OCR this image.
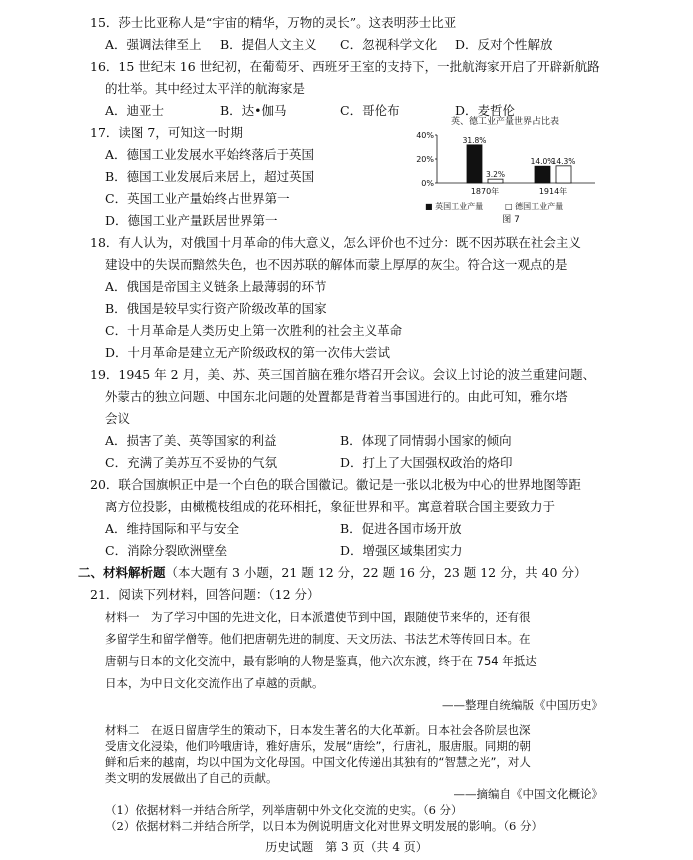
15．莎士比亚称人是“宇宙的精华，万物的灵长”。这表明莎士比亚
A．强调法律至上 B．提倡人文主义 C．忽视科学文化 D．反对个性解放
16．15 世纪末 16 世纪初，在葡萄牙、西班牙王室的支持下，一批航海家开启了开辟新航路
的壮举。其中经过太平洋的航海家是
A．迪亚士	B．达•伽马	C．哥伦布	D．麦哲伦
17．读图 7，可知这一时期
A．德国工业发展水平始终落后于英国
B．德国工业发展后来居上，超过英国
C．英国工业产量始终占世界第一
D．德国工业产量跃居世界第一
英、德工业产量世界占比表
40%
20%
0%
1870年	1914年
31.8%
3.2%
14.0%
14.3%
■ 英国工业产量	□ 德国工业产量
图 7
18．有人认为，对俄国十月革命的伟大意义，怎么评价也不过分：既不因苏联在社会主义
建设中的失误而黯然失色，也不因苏联的解体而蒙上厚厚的灰尘。符合这一观点的是
A．俄国是帝国主义链条上最薄弱的环节
B．俄国是较早实行资产阶级改革的国家
C．十月革命是人类历史上第一次胜利的社会主义革命
D．十月革命是建立无产阶级政权的第一次伟大尝试
19．1945 年 2 月，美、苏、英三国首脑在雅尔塔召开会议。会议上讨论的波兰重建问题、
外蒙古的独立问题、中国东北问题的处置都是背着当事国进行的。由此可知，雅尔塔
会议
A．损害了美、英等国家的利益	B．体现了同情弱小国家的倾向
C．充满了美苏互不妥协的气氛	D．打上了大国强权政治的烙印
20．联合国旗帜正中是一个白色的联合国徽记。徽记是一张以北极为中心的世界地图等距
离方位投影，由橄榄枝组成的花环相托，象征世界和平。寓意着联合国主要致力于
A．维持国际和平与安全	B．促进各国市场开放
C．消除分裂欧洲壁垒	D．增强区域集团实力
二、材料解析题（本大题有 3 小题，21 题 12 分，22 题 16 分，23 题 12 分，共 40 分）
21．阅读下列材料，回答问题：（12 分）
材料一　为了学习中国的先进文化，日本派遣使节到中国，跟随使节来华的，还有很
多留学生和留学僧等。他们把唐朝先进的制度、天文历法、书法艺术等传回日本。在
唐朝与日本的文化交流中，最有影响的人物是鉴真，他六次东渡，终于在 754 年抵达
日本，为中日文化交流作出了卓越的贡献。
——整理自统编版《中国历史》
材料二　在返日留唐学生的策动下，日本发生著名的大化革新。日本社会各阶层也深
受唐文化浸染，他们吟哦唐诗，雅好唐乐，发展“唐绘”，行唐礼，服唐服。同期的朝
鲜和后来的越南，均以中国为文化母国。中国文化传递出其独有的“智慧之光”，对人
类文明的发展做出了自己的贡献。
——摘编自《中国文化概论》
（1）依据材料一并结合所学，列举唐朝中外文化交流的史实。（6 分）
历史试题　第 3 页（共 4 页）
（2）依据材料二并结合所学，以日本为例说明唐文化对世界文明发展的影响。（6 分）
